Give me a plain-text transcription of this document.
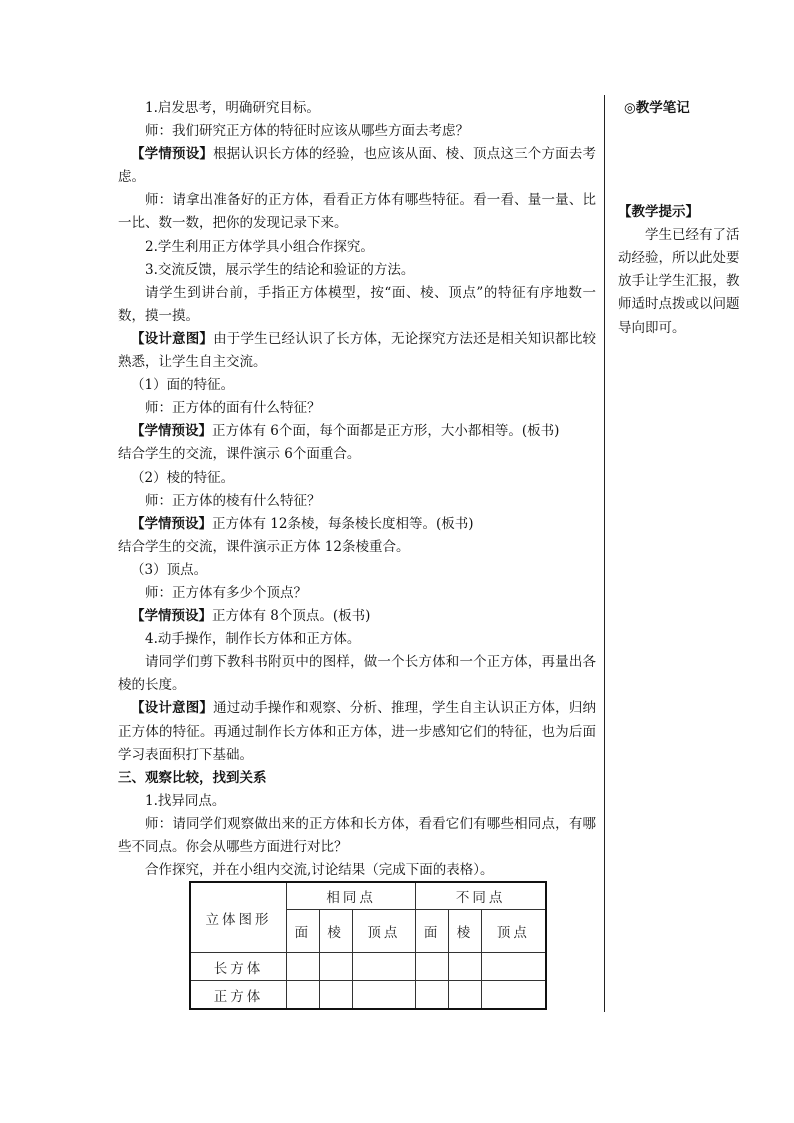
1.启发思考，明确研究目标。

师：我们研究正方体的特征时应该从哪些方面去考虑？

【学情预设】根据认识长方体的经验，也应该从面、棱、顶点这三个方面去考虑。

师：请拿出准备好的正方体，看看正方体有哪些特征。看一看、量一量、比一比、数一数，把你的发现记录下来。

2.学生利用正方体学具小组合作探究。

3.交流反馈，展示学生的结论和验证的方法。

请学生到讲台前，手指正方体模型，按“面、棱、顶点”的特征有序地数一数，摸一摸。

【设计意图】由于学生已经认识了长方体，无论探究方法还是相关知识都比较熟悉，让学生自主交流。

（1）面的特征。

师：正方体的面有什么特征？

【学情预设】正方体有 6个面，每个面都是正方形，大小都相等。(板书)

结合学生的交流，课件演示 6个面重合。

（2）棱的特征。

师：正方体的棱有什么特征？

【学情预设】正方体有 12条棱，每条棱长度相等。(板书)

结合学生的交流，课件演示正方体 12条棱重合。

（3）顶点。

师：正方体有多少个顶点？

【学情预设】正方体有 8个顶点。(板书)

4.动手操作，制作长方体和正方体。

请同学们剪下教科书附页中的图样，做一个长方体和一个正方体，再量出各棱的长度。

【设计意图】通过动手操作和观察、分析、推理，学生自主认识正方体，归纳正方体的特征。再通过制作长方体和正方体，进一步感知它们的特征，也为后面学习表面积打下基础。

三、观察比较，找到关系

1.找异同点。

师：请同学们观察做出来的正方体和长方体，看看它们有哪些相同点，有哪些不同点。你会从哪些方面进行对比？

合作探究，并在小组内交流,讨论结果（完成下面的表格）。

◎教学笔记

【教学提示】

学生已经有了活动经验，所以此处要放手让学生汇报，教师适时点拨或以问题导向即可。

立体图形	相同点			不同点		
	面	棱	顶点	面	棱	顶点
长方体						
正方体						
